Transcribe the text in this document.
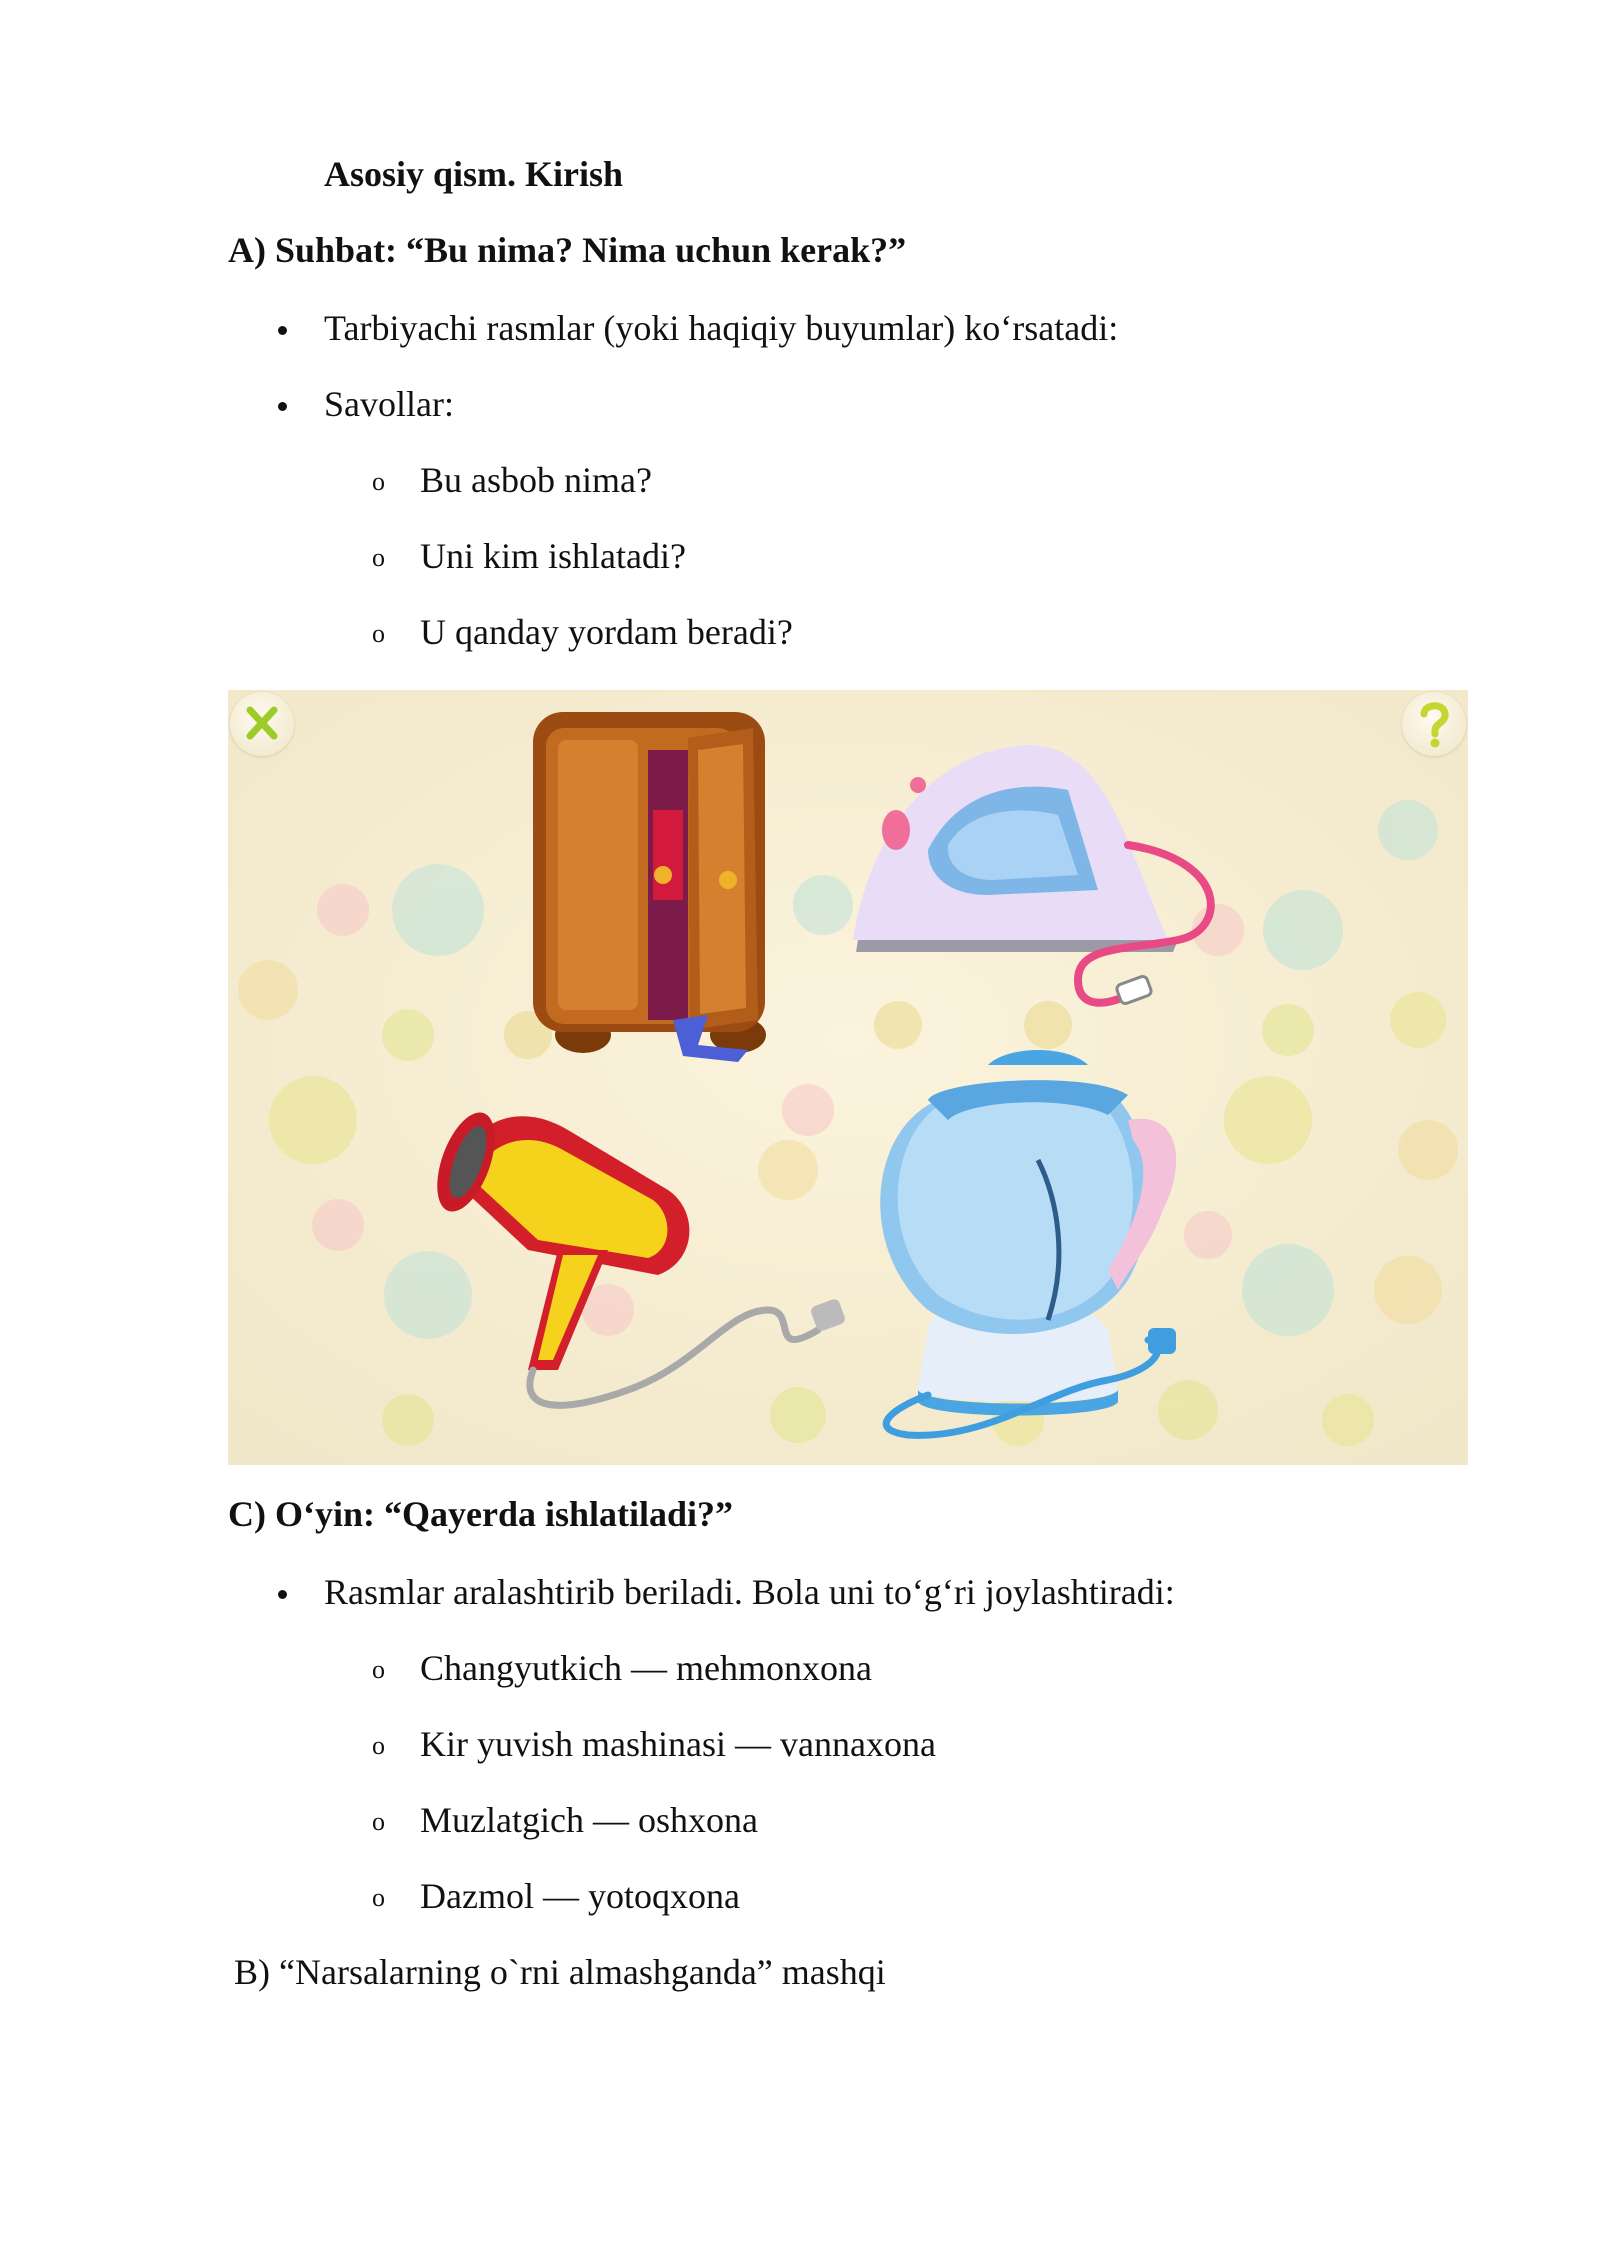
Asosiy qism. Kirish
A) Suhbat: “Bu nima? Nima uchun kerak?”
Tarbiyachi rasmlar (yoki haqiqiy buyumlar) ko‘rsatadi:
Savollar:
o Bu asbob nima?
o Uni kim ishlatadi?
o U qanday yordam beradi?
C) O‘yin: “Qayerda ishlatiladi?”
Rasmlar aralashtirib beriladi. Bola uni to‘g‘ri joylashtiradi:
o Changyutkich — mehmonxona
o Kir yuvish mashinasi — vannaxona
o Muzlatgich — oshxona
o Dazmol — yotoqxona
B) “Narsalarning o`rni almashganda” mashqi
